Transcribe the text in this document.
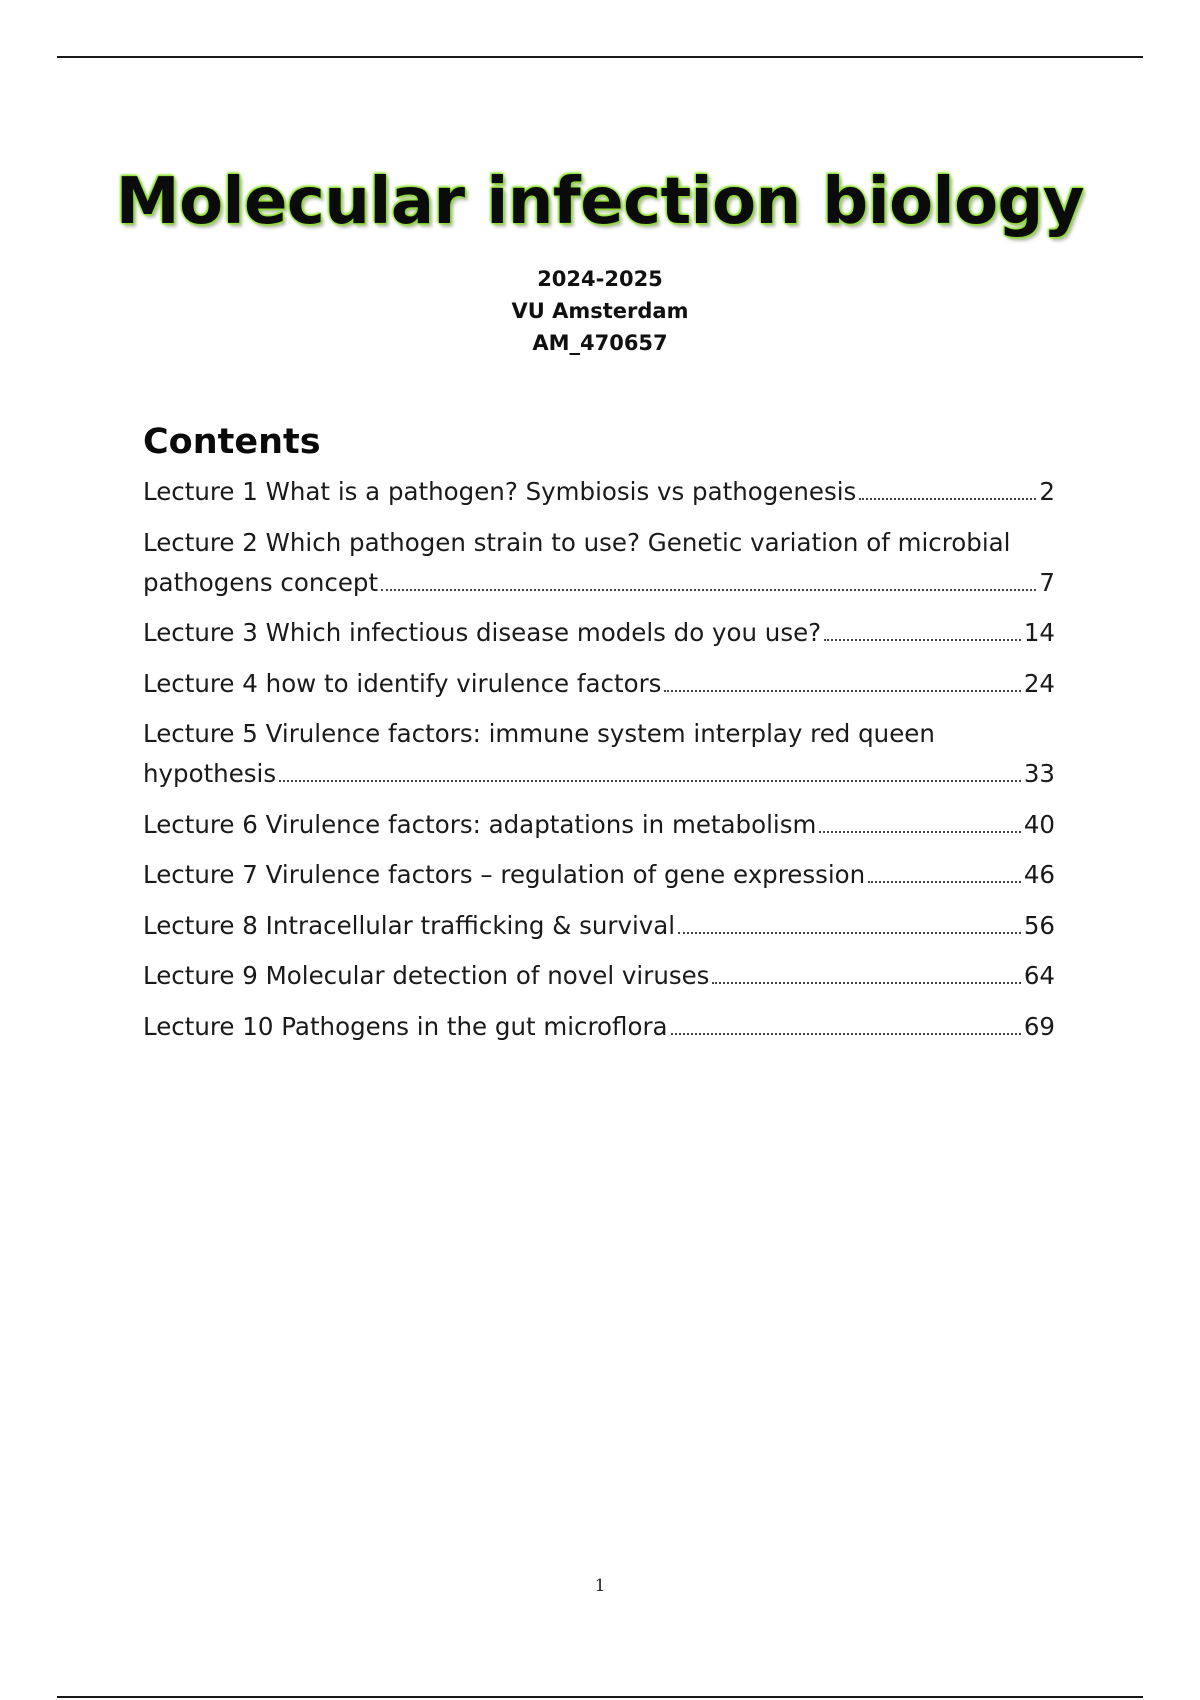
Molecular infection biology
2024-2025
VU Amsterdam
AM_470657
Contents
Lecture 1 What is a pathogen? Symbiosis vs pathogenesis	2
Lecture 2 Which pathogen strain to use? Genetic variation of microbial
pathogens concept	7
Lecture 3 Which infectious disease models do you use?	14
Lecture 4 how to identify virulence factors	24
Lecture 5 Virulence factors: immune system interplay red queen
hypothesis	33
Lecture 6 Virulence factors: adaptations in metabolism	40
Lecture 7 Virulence factors – regulation of gene expression	46
Lecture 8 Intracellular trafficking & survival	56
Lecture 9 Molecular detection of novel viruses	64
Lecture 10 Pathogens in the gut microflora	69
1
